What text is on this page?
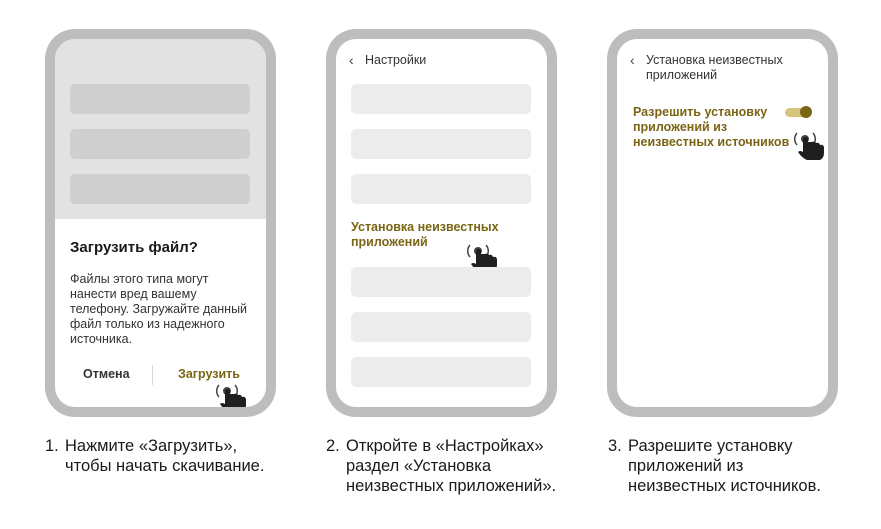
Загрузить файл?
Файлы этого типа могут нанести вред вашему телефону. Загружайте данный файл только из надежного источника.
Отмена	Загрузить
‹ Настройки
Установка неизвестных приложений
‹ Установка неизвестных приложений
Разрешить установку приложений из неизвестных источников
1. Нажмите «Загрузить», чтобы начать скачивание.
2. Откройте в «Настройках» раздел «Установка неизвестных приложений».
3. Разрешите установку приложений из неизвестных источников.
